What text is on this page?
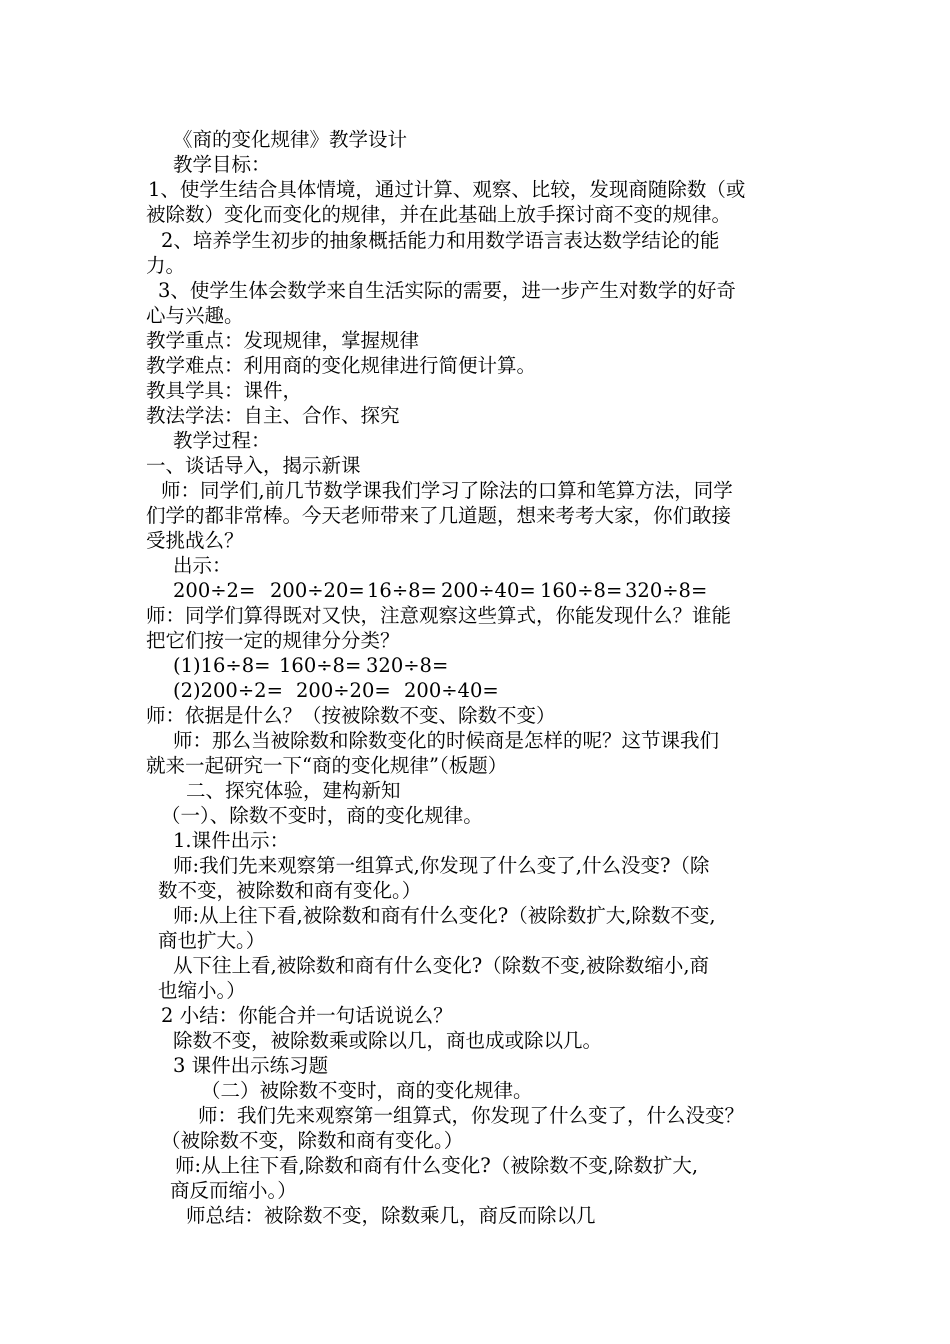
《商的变化规律》教学设计
教学目标：
1、使学生结合具体情境，通过计算、观察、比较，发现商随除数（或
被除数）变化而变化的规律，并在此基础上放手探讨商不变的规律。
2、培养学生初步的抽象概括能力和用数学语言表达数学结论的能
力。
3、使学生体会数学来自生活实际的需要，进一步产生对数学的好奇
心与兴趣。
教学重点：发现规律，掌握规律
教学难点：利用商的变化规律进行简便计算。
教具学具：课件，
教法学法：自主、合作、探究
教学过程：
一、谈话导入，揭示新课
师：同学们,前几节数学课我们学习了除法的口算和笔算方法，同学
们学的都非常棒。今天老师带来了几道题，想来考考大家，你们敢接
受挑战么？
出示：
200÷2= 200÷20= 16÷8= 200÷40= 160÷8= 320÷8=
师：同学们算得既对又快，注意观察这些算式，你能发现什么？谁能
把它们按一定的规律分分类？
(1)16÷8= 160÷8= 320÷8=
(2)200÷2= 200÷20= 200÷40=
师：依据是什么？（按被除数不变、除数不变）
师：那么当被除数和除数变化的时候商是怎样的呢？这节课我们
就来一起研究一下“商的变化规律”（板题）
二、探究体验，建构新知
（一）、除数不变时，商的变化规律。
1.课件出示：
师:我们先来观察第一组算式,你发现了什么变了,什么没变?（除
数不变，被除数和商有变化。）
师:从上往下看,被除数和商有什么变化?（被除数扩大,除数不变,
商也扩大。）
从下往上看,被除数和商有什么变化?（除数不变,被除数缩小,商
也缩小。）
2 小结：你能合并一句话说说么？
除数不变，被除数乘或除以几，商也成或除以几。
3 课件出示练习题
（二）被除数不变时，商的变化规律。
师：我们先来观察第一组算式，你发现了什么变了，什么没变？
（被除数不变，除数和商有变化。）
师:从上往下看,除数和商有什么变化?（被除数不变,除数扩大,
商反而缩小。）
师总结：被除数不变，除数乘几，商反而除以几
